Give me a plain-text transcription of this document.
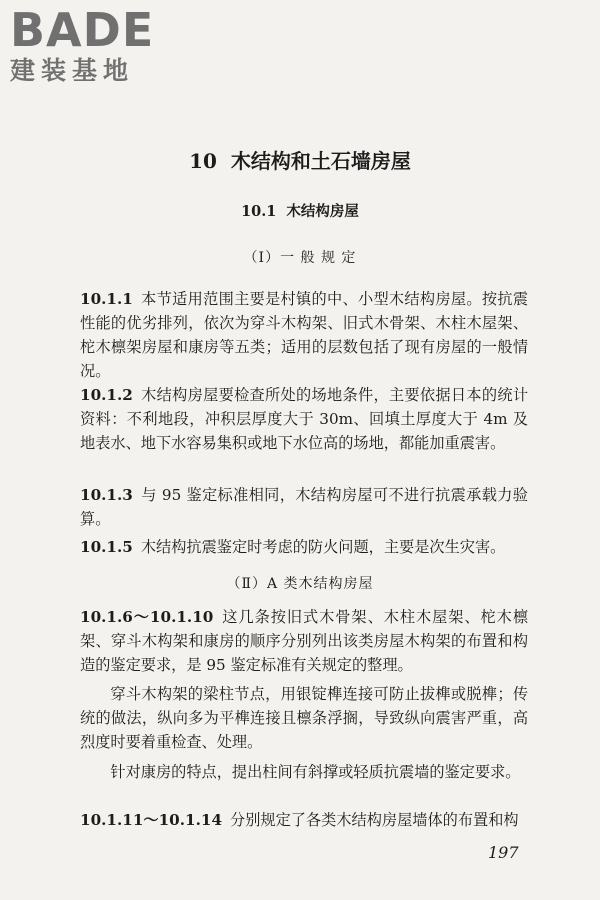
BADE
建装基地
10 木结构和土石墙房屋
10.1 木结构房屋
（Ⅰ）一 般 规 定

10.1.1 本节适用范围主要是村镇的中、小型木结构房屋。按抗震性能的优劣排列，依次为穿斗木构架、旧式木骨架、木柱木屋架、柁木檩架房屋和康房等五类；适用的层数包括了现有房屋的一般情况。

10.1.2 木结构房屋要检查所处的场地条件，主要依据日本的统计资料：不利地段，冲积层厚度大于 30m、回填土厚度大于 4m 及地表水、地下水容易集积或地下水位高的场地，都能加重震害。

10.1.3 与 95 鉴定标准相同，木结构房屋可不进行抗震承载力验算。

10.1.5 木结构抗震鉴定时考虑的防火问题，主要是次生灾害。

（Ⅱ）A 类木结构房屋

10.1.6～10.1.10 这几条按旧式木骨架、木柱木屋架、柁木檩架、穿斗木构架和康房的顺序分别列出该类房屋木构架的布置和构造的鉴定要求，是 95 鉴定标准有关规定的整理。

穿斗木构架的梁柱节点，用银锭榫连接可防止拔榫或脱榫；传统的做法，纵向多为平榫连接且檩条浮搁，导致纵向震害严重，高烈度时要着重检查、处理。

针对康房的特点，提出柱间有斜撑或轻质抗震墙的鉴定要求。

10.1.11～10.1.14 分别规定了各类木结构房屋墙体的布置和构

197
